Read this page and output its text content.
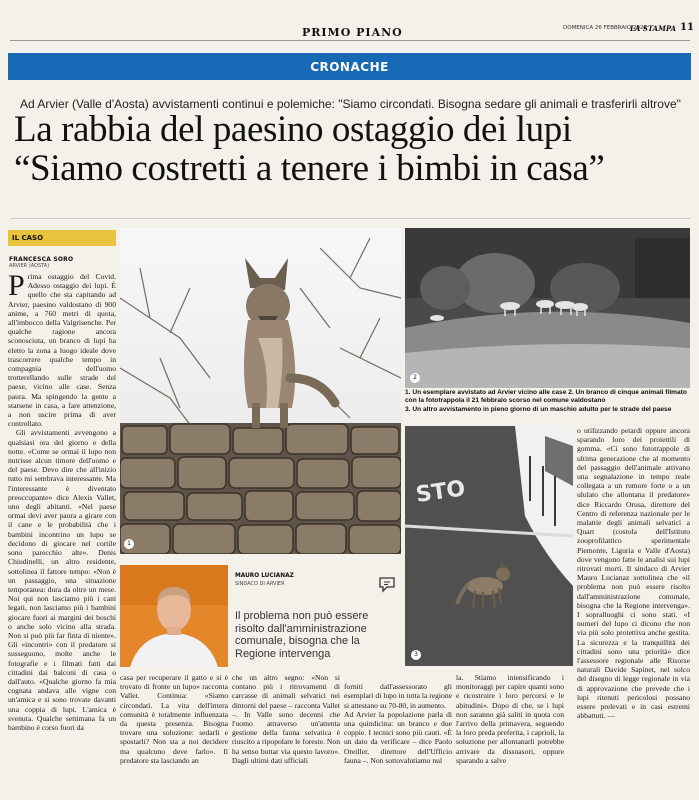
PRIMO PIANO	DOMENICA 26 FEBBRAIO 2023
LA STAMPA 11
CRONACHE
Ad Arvier (Valle d'Aosta) avvistamenti continui e polemiche: "Siamo circondati. Bisogna sedare gli animali e trasferirli altrove"
La rabbia del paesino ostaggio dei lupi
“Siamo costretti a tenere i bimbi in casa”
IL CASO
FRANCESCA SORO
ARVIER (AOSTA)

Prima ostaggio del Covid. Adesso ostaggio dei lupi. È quello che sta capitando ad Arvier, paesino valdostano di 900 anime, a 760 metri di quota, all'imbocco della Valgrisenche. Per qualche ragione ancora sconosciuta, un branco di lupi ha eletto la zona a luogo ideale dove trascorrere qualche tempo in compagnia dell'uomo trotterellando sulle strade del paese, vicino alle case. Senza paura. Ma spingendo la gente a starsene in casa, a fare attenzione, a non uscire prima di aver controllato.

Gli avvistamenti avvengono a qualsiasi ora del giorno e della notte. «Come se ormai il lupo non nutrisse alcun timore dell'uomo e del paese. Devo dire che all'inizio tutto mi sembrava interessante. Ma l'interessante è diventato preoccupante» dice Alexis Vallet, uno degli abitanti. «Nel paese ormai devi aver paura a girare con il cane e le probabilità che i bambini incontrino un lupo se decidono di giocare nel cortile sono parecchio alte». Denis Chiudinelli, un altro residente, sottolinea il fattore tempo: «Non è un passaggio, una situazione temporanea: dura da oltre un mese. Noi qui non lasciamo più i cani legati, non lasciamo più i bambini giocare fuori ai margini dei boschi o anche solo vicino alla strada. Non si può più far finta di niente». Gli «incontri» con il predatore si susseguono, molte anche le fotografie e i filmati fatti dai cittadini dai balconi di casa o dall'auto. «Qualche giorno fa mia cognata andava alle vigne con un'amica e si sono trovate davanti una coppia di lupi. L'amica è svenuta. Qualche settimana fa un bambino è corso fuori da

1
2
1. Un esemplare avvistato ad Arvier vicino alle case 2. Un branco di cinque animali filmato con la fototrappola il 21 febbraio scorso nel comune valdostano
3. Un altro avvistamento in pieno giorno di un maschio adulto per le strade del paese
STO
3
MAURO LUCIANAZ
SINDACO DI ARVIER
Il problema non può essere risolto dall'amministrazione comunale, bisogna che la Regione intervenga

casa per recuperare il gatto e si è trovato di fronte un lupo» racconta Vallet. Continua: «Siamo circondati. La vita dell'intera comunità è totalmente influenzata da questa presenza. Bisogna trovare una soluzione: sedarli e spostarli? Non sta a noi decidere ma qualcuno deve farlo». Il predatore sta lasciando an

che un altro segno: «Non si contano più i ritrovamenti di carcasse di animali selvatici nei dintorni del paese – racconta Vallet –. In Valle sono decenni che l'uomo attraverso un'attenta gestione della fauna selvatica è riuscito a ripopolare le foreste. Non ha senso buttar via questo lavoro». Dagli ultimi dati ufficiali

forniti dall'assessorato gli esemplari di lupo in tutta la regione si attestano su 70-80, in aumento.
Ad Arvier la popolazione parla di una quindicina: un branco e due coppie. I tecnici sono più cauti. «È un dato da verificare – dice Paolo Oreiller, direttore dell'Ufficio fauna –. Non sottovalutiamo nul

la. Stiamo intensificando i monitoraggi per capire quanti sono e ricostruire i loro percorsi e le abitudini». Dopo di che, se i lupi non saranno già saliti in quota con l'arrivo della primavera, seguendo la loro preda preferita, i caprioli, la soluzione per allontanarli potrebbe arrivare da dissuasori, oppure sparando a salve

o utilizzando petardi oppure ancora sparando loro dei proiettili di gomma. «Ci sono fototrappole di ultima generazione che al momento del passaggio dell'animale attivano una segnalazione in tempo reale collegata a un rumore forte o a un ululato che allontana il predatore» dice Riccardo Orusa, direttore del Centro di referenza nazionale per le malattie degli animali selvatici a Quart (costola dell'Istituto zooprofilattico sperimentale Piemonte, Liguria e Valle d'Aosta) dove vengono fatte le analisi sui lupi ritrovati morti. Il sindaco di Arvier Mauro Lucianaz sottolinea che «il problema non può essere risolto dall'amministrazione comunale, bisogna che la Regione intervenga». I sopralluoghi ci sono stati. «I numeri del lupo ci dicono che non via più solo protettiva anche gestita. La sicurezza e la tranquillità dei cittadini sono una priorità» dice l'assessore regionale alle Risorse naturali Davide Sapinet, nel solco del disegno di legge regionale in via di approvazione che prevede che i lupi ritenuti pericolosi possano essere prelevati e in casi estremi abbattuti. —
